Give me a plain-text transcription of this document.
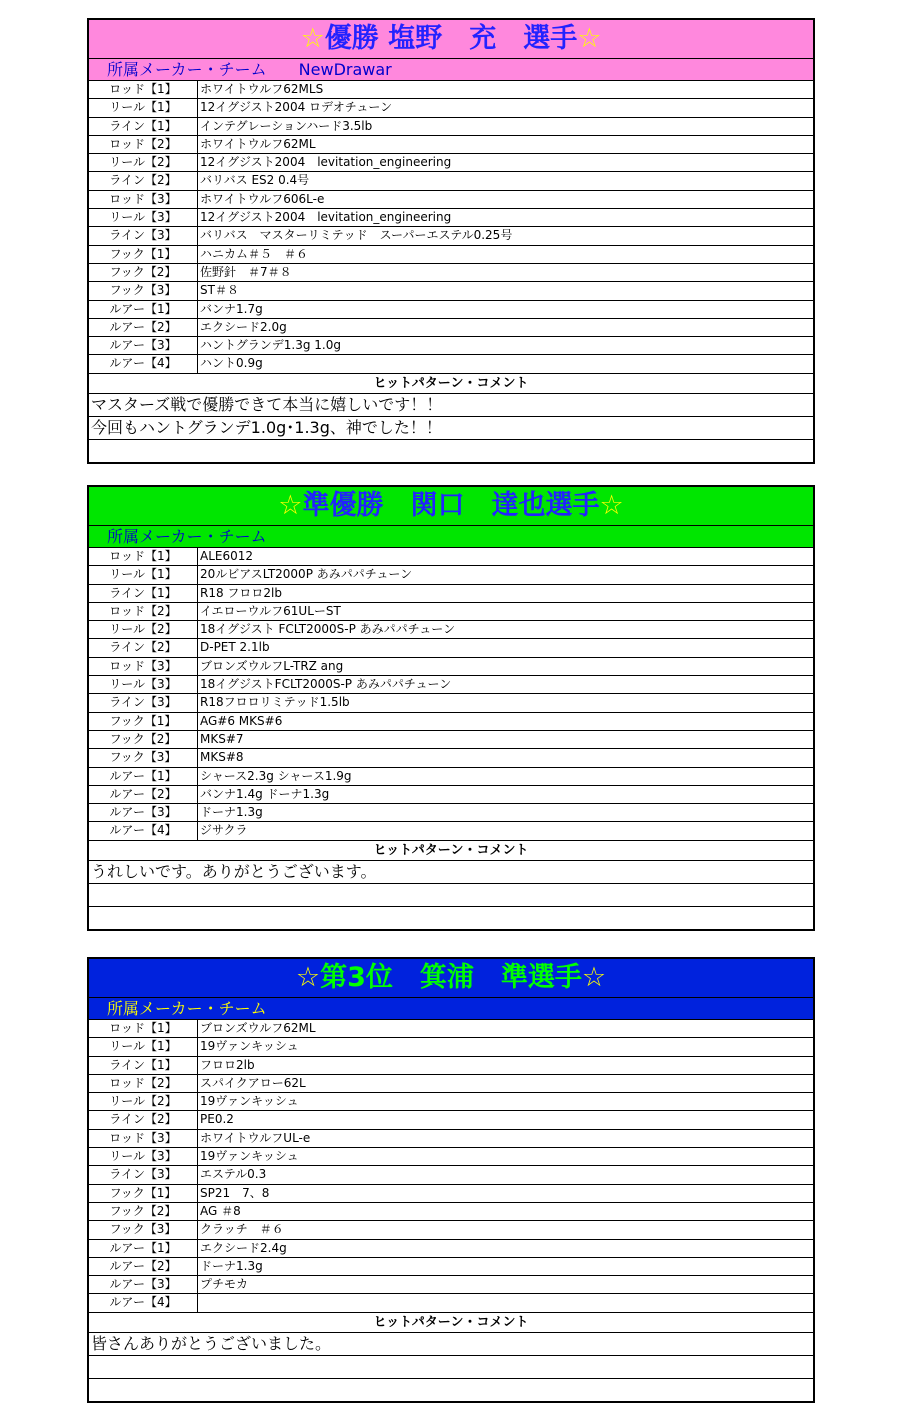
☆優勝 塩野　充　選手☆
所属メーカー・チーム　　NewDrawar
ロッド【1】	ホワイトウルフ62MLS
リール【1】	12イグジスト2004 ロデオチューン
ライン【1】	インテグレーションハード3.5lb
ロッド【2】	ホワイトウルフ62ML
リール【2】	12イグジスト2004　levitation_engineering
ライン【2】	バリバス ES2 0.4号
ロッド【3】	ホワイトウルフ606L-e
リール【3】	12イグジスト2004　levitation_engineering
ライン【3】	バリバス　マスターリミテッド　スーパーエステル0.25号
フック【1】	ハニカム＃５　＃６
フック【2】	佐野針　＃7＃８
フック【3】	ST＃８
ルアー【1】	バンナ1.7g
ルアー【2】	エクシード2.0g
ルアー【3】	ハントグランデ1.3g 1.0g
ルアー【4】	ハント0.9g
ヒットパターン・コメント
マスターズ戦で優勝できて本当に嬉しいです！！
今回もハントグランデ1.0g･1.3g、神でした！！
☆準優勝　関口　達也選手☆
所属メーカー・チーム
ロッド【1】	ALE6012
リール【1】	20ルビアスLT2000P あみパパチューン
ライン【1】	R18 フロロ2lb
ロッド【2】	イエローウルフ61ULーST
リール【2】	18イグジスト FCLT2000S-P あみパパチューン
ライン【2】	D-PET 2.1lb
ロッド【3】	ブロンズウルフL-TRZ ang
リール【3】	18イグジストFCLT2000S-P あみパパチューン
ライン【3】	R18フロロリミテッド1.5lb
フック【1】	AG#6 MKS#6
フック【2】	MKS#7
フック【3】	MKS#8
ルアー【1】	シャース2.3g シャース1.9g
ルアー【2】	バンナ1.4g ドーナ1.3g
ルアー【3】	ドーナ1.3g
ルアー【4】	ジサクラ
ヒットパターン・コメント
うれしいです。ありがとうございます。
☆第3位　箕浦　準選手☆
所属メーカー・チーム
ロッド【1】	ブロンズウルフ62ML
リール【1】	19ヴァンキッシュ
ライン【1】	フロロ2lb
ロッド【2】	スパイクアロー62L
リール【2】	19ヴァンキッシュ
ライン【2】	PE0.2
ロッド【3】	ホワイトウルフUL-e
リール【3】	19ヴァンキッシュ
ライン【3】	エステル0.3
フック【1】	SP21　7、8
フック【2】	AG ＃8
フック【3】	クラッチ　＃６
ルアー【1】	エクシード2.4g
ルアー【2】	ドーナ1.3g
ルアー【3】	プチモカ
ルアー【4】
ヒットパターン・コメント
皆さんありがとうございました。
